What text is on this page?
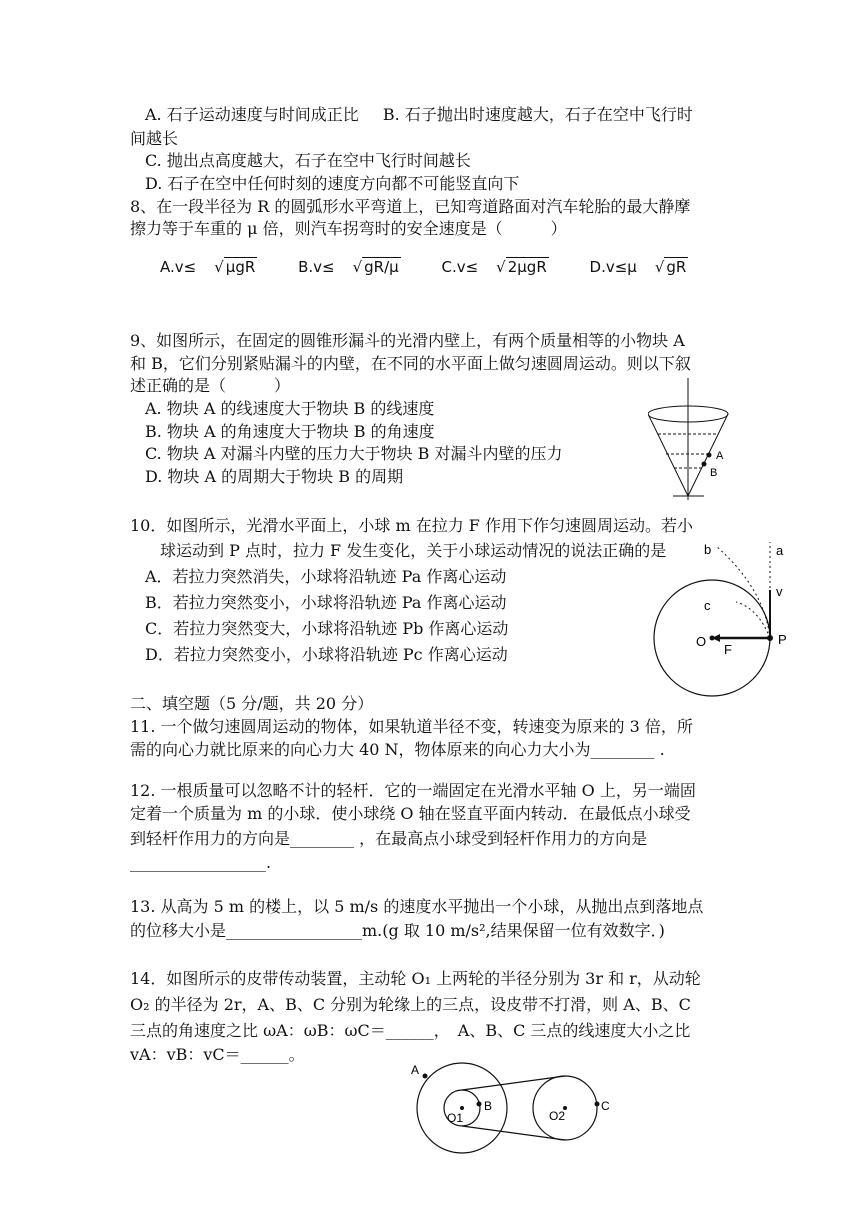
A. 石子运动速度与时间成正比 B. 石子抛出时速度越大，石子在空中飞行时
间越长
C. 抛出点高度越大，石子在空中飞行时间越长
D. 石子在空中任何时刻的速度方向都不可能竖直向下
8、在一段半径为 R 的圆弧形水平弯道上，已知弯道路面对汽车轮胎的最大静摩
擦力等于车重的 μ 倍，则汽车拐弯时的安全速度是（　　　）
A.v≤ √ μgR	B.v≤ √ gR/μ	C.v≤ √ 2μgR	D.v≤μ √ gR
9、如图所示，在固定的圆锥形漏斗的光滑内壁上，有两个质量相等的小物块 A
和 B，它们分别紧贴漏斗的内壁，在不同的水平面上做匀速圆周运动。则以下叙
述正确的是（　　　）
A. 物块 A 的线速度大于物块 B 的线速度
B. 物块 A 的角速度大于物块 B 的角速度
C. 物块 A 对漏斗内壁的压力大于物块 B 对漏斗内壁的压力
D. 物块 A 的周期大于物块 B 的周期
A
B
10．如图所示，光滑水平面上，小球 m 在拉力 F 作用下作匀速圆周运动。若小
球运动到 P 点时，拉力 F 发生变化，关于小球运动情况的说法正确的是
A．若拉力突然消失，小球将沿轨迹 Pa 作离心运动
B．若拉力突然变小，小球将沿轨迹 Pa 作离心运动
C．若拉力突然变大，小球将沿轨迹 Pb 作离心运动
D．若拉力突然变小，小球将沿轨迹 Pc 作离心运动
a
b
c
v
O
F
P
二、填空题（5 分/题，共 20 分）
11. 一个做匀速圆周运动的物体，如果轨道半径不变，转速变为原来的 3 倍，所
需的向心力就比原来的向心力大 40 N，物体原来的向心力大小为________ .
12. 一根质量可以忽略不计的轻杆．它的一端固定在光滑水平轴 O 上，另一端固
定着一个质量为 m 的小球．使小球绕 O 轴在竖直平面内转动．在最低点小球受
到轻杆作用力的方向是________ ，在最高点小球受到轻杆作用力的方向是
_________________.
13. 从高为 5 m 的楼上，以 5 m/s 的速度水平抛出一个小球，从抛出点到落地点
的位移大小是_________________m.(g 取 10 m/s²,结果保留一位有效数字．)
14．如图所示的皮带传动装置，主动轮 O₁ 上两轮的半径分别为 3r 和 r，从动轮
O₂ 的半径为 2r，A、B、C 分别为轮缘上的三点，设皮带不打滑，则 A、B、C
三点的角速度之比 ωA：ωB：ωC＝______，　A、B、C 三点的线速度大小之比
vA：vB：vC＝______。
A
B	C
O1	O2
